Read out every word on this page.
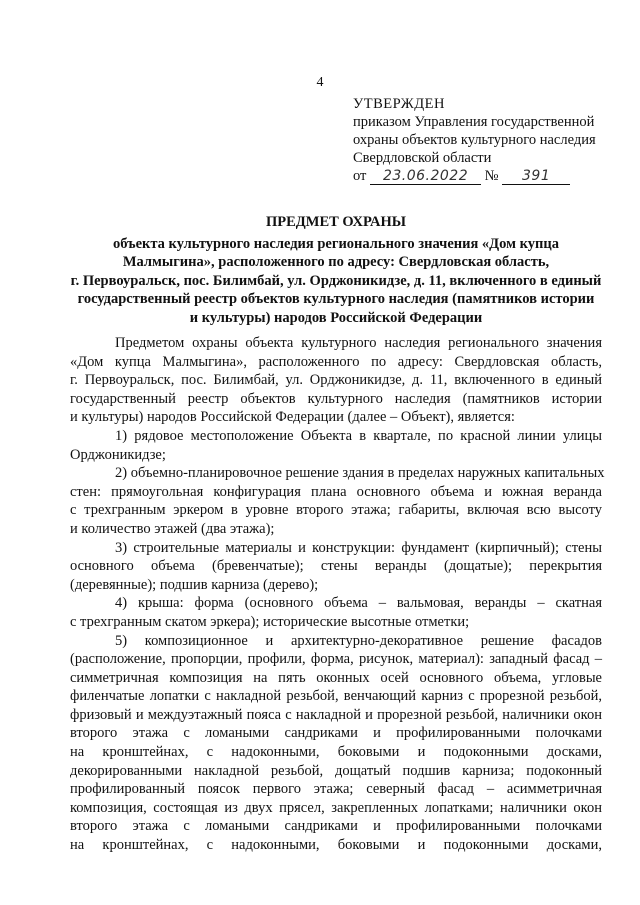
4
УТВЕРЖДЕН
приказом Управления государственной
охраны объектов культурного наследия
Свердловской области
от 23.06.2022 № 391
ПРЕДМЕТ ОХРАНЫ
объекта культурного наследия регионального значения «Дом купца
Малмыгина», расположенного по адресу: Свердловская область,
г. Первоуральск, пос. Билимбай, ул. Орджоникидзе, д. 11, включенного в единый
государственный реестр объектов культурного наследия (памятников истории
и культуры) народов Российской Федерации
Предметом охраны объекта культурного наследия регионального значения
«Дом купца Малмыгина», расположенного по адресу: Свердловская область,
г. Первоуральск, пос. Билимбай, ул. Орджоникидзе, д. 11, включенного в единый
государственный реестр объектов культурного наследия (памятников истории
и культуры) народов Российской Федерации (далее – Объект), является:
1) рядовое местоположение Объекта в квартале, по красной линии улицы
Орджоникидзе;
2) объемно-планировочное решение здания в пределах наружных капитальных
стен: прямоугольная конфигурация плана основного объема и южная веранда
с трехгранным эркером в уровне второго этажа; габариты, включая всю высоту
и количество этажей (два этажа);
3) строительные материалы и конструкции: фундамент (кирпичный); стены
основного объема (бревенчатые); стены веранды (дощатые); перекрытия
(деревянные); подшив карниза (дерево);
4) крыша: форма (основного объема – вальмовая, веранды – скатная
с трехгранным скатом эркера); исторические высотные отметки;
5) композиционное и архитектурно-декоративное решение фасадов
(расположение, пропорции, профили, форма, рисунок, материал): западный фасад –
симметричная композиция на пять оконных осей основного объема, угловые
филенчатые лопатки с накладной резьбой, венчающий карниз с прорезной резьбой,
фризовый и междуэтажный пояса с накладной и прорезной резьбой, наличники окон
второго этажа с ломаными сандриками и профилированными полочками
на кронштейнах, с надоконными, боковыми и подоконными досками,
декорированными накладной резьбой, дощатый подшив карниза; подоконный
профилированный поясок первого этажа; северный фасад – асимметричная
композиция, состоящая из двух прясел, закрепленных лопатками; наличники окон
второго этажа с ломаными сандриками и профилированными полочками
на кронштейнах, с надоконными, боковыми и подоконными досками,
